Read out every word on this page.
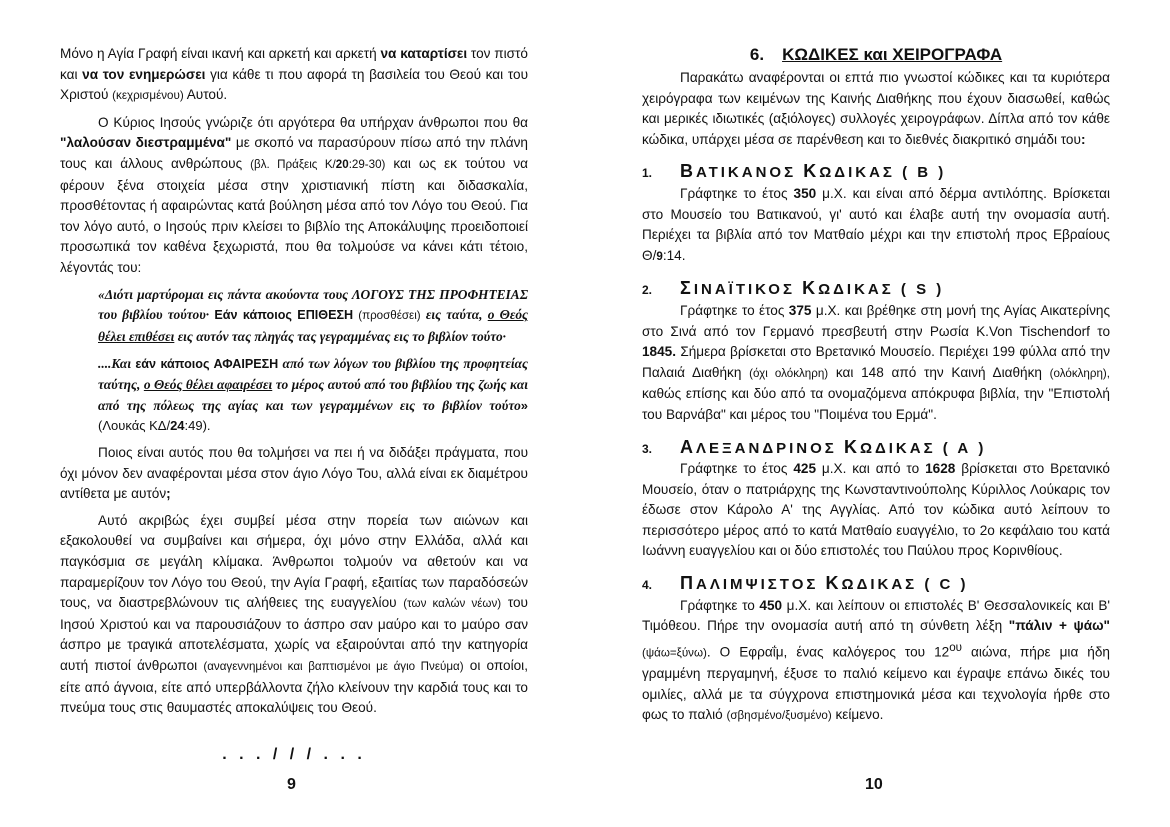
Μόνο η Αγία Γραφή είναι ικανή και αρκετή και αρκετή να καταρτίσει τον πιστό και να τον ενημερώσει για κάθε τι που αφορά τη βασιλεία του Θεού και του Χριστού (κεχρισμένου) Αυτού.

Ο Κύριος Ιησούς γνώριζε ότι αργότερα θα υπήρχαν άνθρωποι που θα "λαλούσαν διεστραμμένα" με σκοπό να παρασύρουν πίσω από την πλάνη τους και άλλους ανθρώπους (βλ. Πράξεις Κ/20:29-30) και ως εκ τούτου να φέρουν ξένα στοιχεία μέσα στην χριστιανική πίστη και διδασκαλία, προσθέτοντας ή αφαιρώντας κατά βούληση μέσα από τον Λόγο του Θεού. Για τον λόγο αυτό, ο Ιησούς πριν κλείσει το βιβλίο της Αποκάλυψης προειδοποιεί προσωπικά τον καθένα ξεχωριστά, που θα τολμούσε να κάνει κάτι τέτοιο, λέγοντάς του:

«Διότι μαρτύρομαι εις πάντα ακούοντα τους ΛΟΓΟΥΣ ΤΗΣ ΠΡΟΦΗΤΕΙΑΣ του βιβλίου τούτου· Εάν κάποιος ΕΠΙΘΕΣΗ (προσθέσει) εις ταύτα, ο Θεός θέλει επιθέσει εις αυτόν τας πληγάς τας γεγραμμένας εις το βιβλίον τούτο·

....Και εάν κάποιος ΑΦΑΙΡΕΣΗ από των λόγων του βιβλίου της προφητείας ταύτης, ο Θεός θέλει αφαιρέσει το μέρος αυτού από του βιβλίου της ζωής και από της πόλεως της αγίας και των γεγραμμένων εις το βιβλίον τούτο» (Λουκάς ΚΔ/24:49).

Ποιος είναι αυτός που θα τολμήσει να πει ή να διδάξει πράγματα, που όχι μόνον δεν αναφέρονται μέσα στον άγιο Λόγο Του, αλλά είναι εκ διαμέτρου αντίθετα με αυτόν;

Αυτό ακριβώς έχει συμβεί μέσα στην πορεία των αιώνων και εξακολουθεί να συμβαίνει και σήμερα, όχι μόνο στην Ελλάδα, αλλά και παγκόσμια σε μεγάλη κλίμακα. Άνθρωποι τολμούν να αθετούν και να παραμερίζουν τον Λόγο του Θεού, την Αγία Γραφή, εξαιτίας των παραδόσεών τους, να διαστρεβλώνουν τις αλήθειες της ευαγγελίου (των καλών νέων) του Ιησού Χριστού και να παρουσιάζουν το άσπρο σαν μαύρο και το μαύρο σαν άσπρο με τραγικά αποτελέσματα, χωρίς να εξαιρούνται από την κατηγορία αυτή πιστοί άνθρωποι (αναγεννημένοι και βαπτισμένοι με άγιο Πνεύμα) οι οποίοι, είτε από άγνοια, είτε από υπερβάλλοντα ζήλο κλείνουν την καρδιά τους και το πνεύμα τους στις θαυμαστές αποκαλύψεις του Θεού.

. . . / / / . . .
9
6. ΚΩΔΙΚΕΣ και ΧΕΙΡΟΓΡΑΦΑ

Παρακάτω αναφέρονται οι επτά πιο γνωστοί κώδικες και τα κυριότερα χειρόγραφα των κειμένων της Καινής Διαθήκης που έχουν διασωθεί, καθώς και μερικές ιδιωτικές (αξιόλογες) συλλογές χειρογράφων. Δίπλα από τον κάθε κώδικα, υπάρχει μέσα σε παρένθεση και το διεθνές διακριτικό σημάδι του:

1.	ΒΑΤΙΚΑΝΟΣ ΚΩΔΙΚΑΣ ( Β )

Γράφτηκε το έτος 350 μ.Χ. και είναι από δέρμα αντιλόπης. Βρίσκεται στο Μουσείο του Βατικανού, γι' αυτό και έλαβε αυτή την ονομασία αυτή. Περιέχει τα βιβλία από τον Ματθαίο μέχρι και την επιστολή προς Εβραίους Θ/9:14.

2.	ΣΙΝΑΪΤΙΚΟΣ ΚΩΔΙΚΑΣ ( S )

Γράφτηκε το έτος 375 μ.Χ. και βρέθηκε στη μονή της Αγίας Αικατερίνης στο Σινά από τον Γερμανό πρεσβευτή στην Ρωσία K.Von Tischendorf το 1845. Σήμερα βρίσκεται στο Βρετανικό Μουσείο. Περιέχει 199 φύλλα από την Παλαιά Διαθήκη (όχι ολόκληρη) και 148 από την Καινή Διαθήκη (ολόκληρη), καθώς επίσης και δύο από τα ονομαζόμενα απόκρυφα βιβλία, την "Επιστολή του Βαρνάβα" και μέρος του "Ποιμένα του Ερμά".

3.	ΑΛΕΞΑΝΔΡΙΝΟΣ ΚΩΔΙΚΑΣ ( Α )

Γράφτηκε το έτος 425 μ.Χ. και από το 1628 βρίσκεται στο Βρετανικό Μουσείο, όταν ο πατριάρχης της Κωνσταντινούπολης Κύριλλος Λούκαρις τον έδωσε στον Κάρολο Α' της Αγγλίας. Από τον κώδικα αυτό λείπουν το περισσότερο μέρος από το κατά Ματθαίο ευαγγέλιο, το 2ο κεφάλαιο του κατά Ιωάννη ευαγγελίου και οι δύο επιστολές του Παύλου προς Κορινθίους.

4.	ΠΑΛΙΜΨΙΣΤΟΣ ΚΩΔΙΚΑΣ ( C )

Γράφτηκε το 450 μ.Χ. και λείπουν οι επιστολές Β' Θεσσαλονικείς και Β' Τιμόθεου. Πήρε την ονομασία αυτή από τη σύνθετη λέξη "πάλιν + ψάω" (ψάω=ξύνω). Ο Εφραΐμ, ένας καλόγερος του $12^{o\upsilon}$ αιώνα, πήρε μια ήδη γραμμένη περγαμηνή, έξυσε το παλιό κείμενο και έγραψε επάνω δικές του ομιλίες, αλλά με τα σύγχρονα επιστημονικά μέσα και τεχνολογία ήρθε στο φως το παλιό (σβησμένο/ξυσμένο) κείμενο.

10
